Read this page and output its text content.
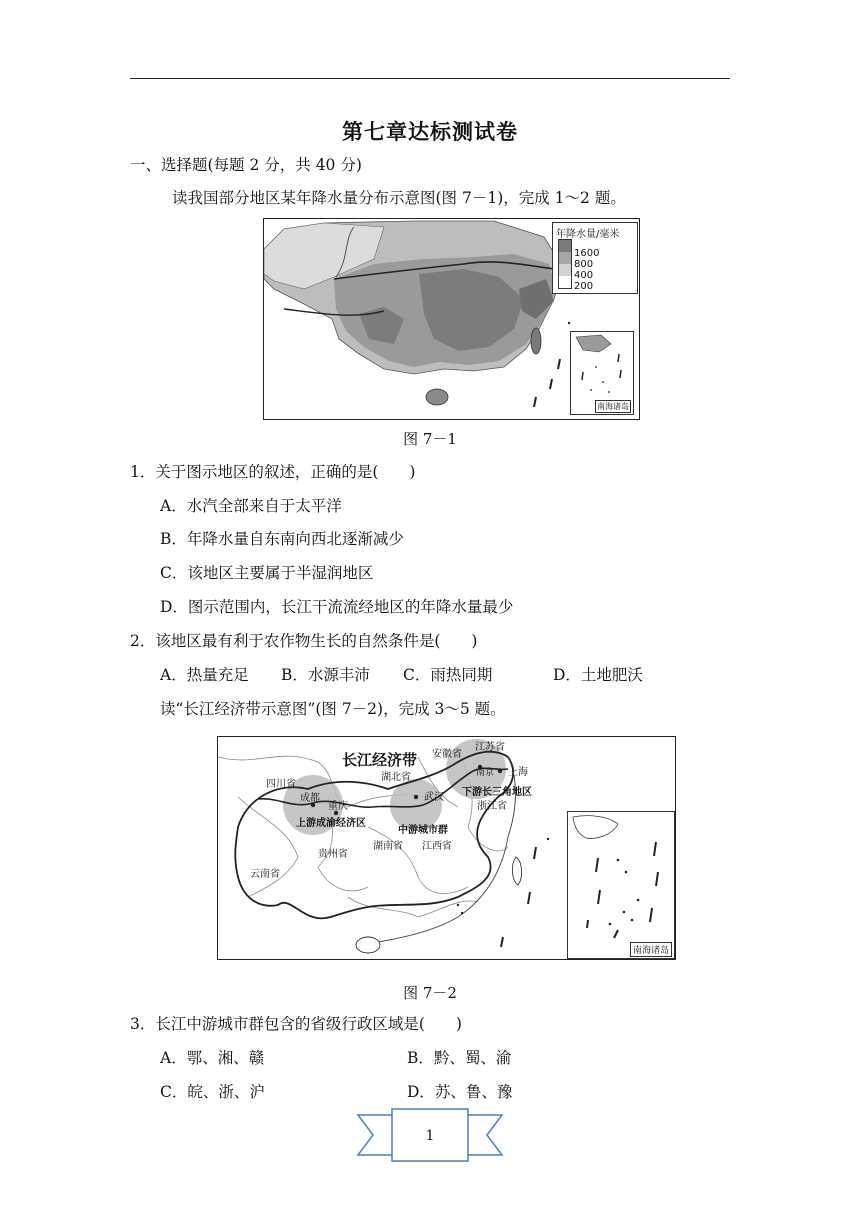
第七章达标测试卷
一、选择题(每题 2 分，共 40 分)
读我国部分地区某年降水量分布示意图(图 7－1)，完成 1～2 题。
年降水量/毫米
1600
800
400
200
南海诸岛
图 7－1
1．关于图示地区的叙述，正确的是(　　)
A．水汽全部来自于太平洋
B．年降水量自东南向西北逐渐减少
C．该地区主要属于半湿润地区
D．图示范围内，长江干流流经地区的年降水量最少
2．该地区最有利于农作物生长的自然条件是(　　)
A．热量充足 B．水源丰沛 C．雨热同期	D．土地肥沃
读“长江经济带示意图”(图 7－2)，完成 3～5 题。
长江经济带
四川省
湖北省
安徽省
江苏省
上海
成都
重庆
武汉
南京
浙江省
湖南省 江西省
贵州省
云南省
上游成渝经济区
中游城市群
下游长三角地区
南海诸岛
图 7－2
3．长江中游城市群包含的省级行政区域是(　　)
A．鄂、湘、赣	B．黔、蜀、渝
C．皖、浙、沪	D．苏、鲁、豫
1
